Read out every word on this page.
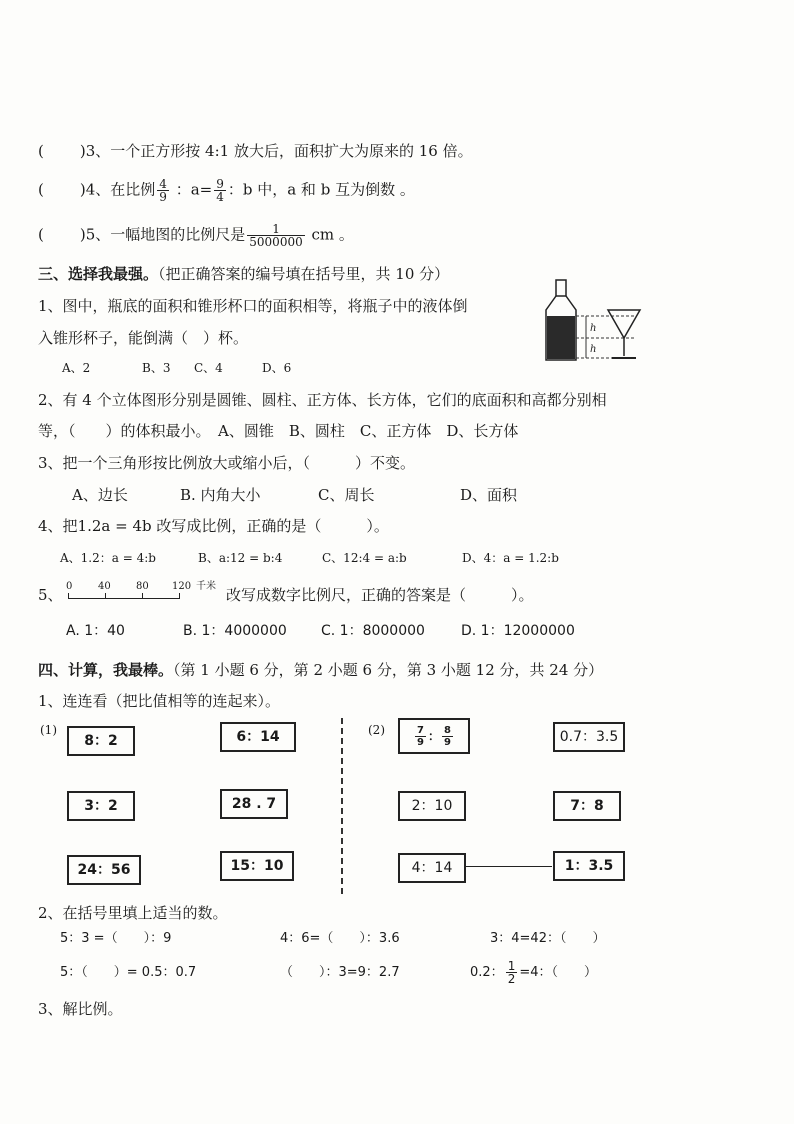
( )3、一个正方形按 4:1 放大后，面积扩大为原来的 16 倍。
( )4、在比例 $\frac{4}{9}$ ：$a= \frac{9}{4}$ ：b 中，a 和 b 互为倒数 。
( )5、一幅地图的比例尺是 $\frac{1}{5000000}$ cm 。
三、选择我最强。（把正确答案的编号填在括号里，共 10 分）
1、图中，瓶底的面积和锥形杯口的面积相等，将瓶子中的液体倒
入锥形杯子，能倒满（　）杯。
A、2	B、3 C、4	D、6
h
h
2、有 4 个立体图形分别是圆锥、圆柱、正方体、长方体，它们的底面积和高都分别相
等，（　　）的体积最小。　A、圆锥　B、圆柱　C、正方体　D、长方体
3、把一个三角形按比例放大或缩小后，（　　　）不变。
A、边长	B. 内角大小	C、周长	D、面积
4、把1.2a = 4b 改写成比例，正确的是（　　　）。
A、1.2：a = 4:b	B、a:12 = b:4	C、12:4 = a:b	D、4：a = 1.2:b
5、 0	40	80 120 千米 改写成数字比例尺，正确的答案是（　　　）。
A. 1：40	B. 1：4000000 C. 1：8000000	D. 1：12000000
四、计算，我最棒。（第 1 小题 6 分，第 2 小题 6 分，第 3 小题 12 分，共 24 分）
1、连连看（把比值相等的连起来）。
(1)	(2)
8：2	6：14
3：2	28 . 7
24：56	15：10
$\frac{7}{9}$ ： $\frac{8}{9}$	0.7：3.5
2：10	7：8
4：14	1：3.5
2、在括号里填上适当的数。
5：3 =（　　）：9	4：6=（　　）：3.6	3：4=42：（　　）
5：（　　）= 0.5：0.7	（　　）：3=9：2.7	0.2： $\frac{1}{2} =4$：（　　）
3、解比例。
